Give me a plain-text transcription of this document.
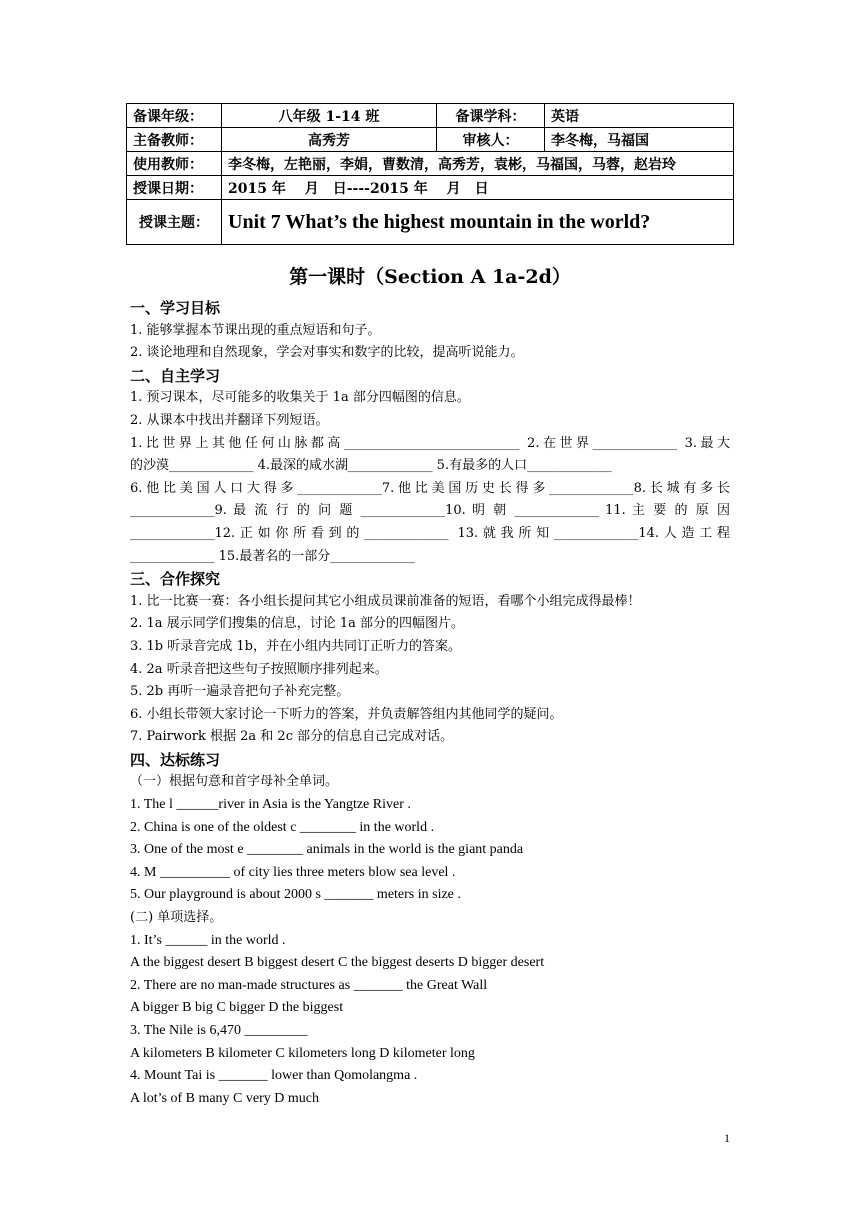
备课年级：	八年级 1-14 班	备课学科：	英语
主备教师：	高秀芳	审核人：	李冬梅，马福国
使用教师：	李冬梅，左艳丽，李娟，曹数清，高秀芳，袁彬，马福国，马蓉，赵岩玲		
授课日期：	2015 年　 月　日----2015 年　 月　日		
授课主题：	Unit 7 What’s the highest mountain in the world?		
第一课时（Section A 1a-2d）

一、学习目标

1. 能够掌握本节课出现的重点短语和句子。

2. 谈论地理和自然现象，学会对事实和数字的比较，提高听说能力。

二、自主学习

1. 预习课本，尽可能多的收集关于 1a 部分四幅图的信息。

2. 从课本中找出并翻译下列短语。

1.比世界上其他任何山脉都高___________________________ 2.在世界_____________ 3.最大

的沙漠_____________ 4.最深的咸水湖_____________ 5.有最多的人口_____________

6.他比美国人口大得多_____________7.他比美国历史长得多_____________8.长城有多长

_____________9. 最 流 行 的 问 题 _____________10. 明 朝 _____________ 11. 主 要 的 原 因

_____________12.正如你所看到的_____________ 13.就我所知_____________14.人造工程

_____________ 15.最著名的一部分_____________

三、合作探究

1. 比一比赛一赛：各小组长提问其它小组成员课前准备的短语，看哪个小组完成得最棒！

2. 1a 展示同学们搜集的信息，讨论 1a 部分的四幅图片。

3. 1b 听录音完成 1b，并在小组内共同订正听力的答案。

4. 2a 听录音把这些句子按照顺序排列起来。

5. 2b 再听一遍录音把句子补充完整。

6. 小组长带领大家讨论一下听力的答案，并负责解答组内其他同学的疑问。

7. Pairwork 根据 2a 和 2c 部分的信息自己完成对话。

四、达标练习

（一）根据句意和首字母补全单词。

1. The l ______river in Asia is the Yangtze River .

2. China is one of the oldest c ________ in the world .

3. One of the most e ________ animals in the world is the giant panda

4. M __________ of city lies three meters blow sea level .

5. Our playground is about 2000 s _______ meters in size .

(二) 单项选择。

1. It’s ______ in the world .

A the biggest desert B biggest desert C the biggest deserts D bigger desert

2. There are no man-made structures as _______ the Great Wall

A bigger B big C bigger D the biggest

3. The Nile is 6,470 _________

A kilometers B kilometer C kilometers long D kilometer long

4. Mount Tai is _______ lower than Qomolangma .

A lot’s of B many C very D much

1
